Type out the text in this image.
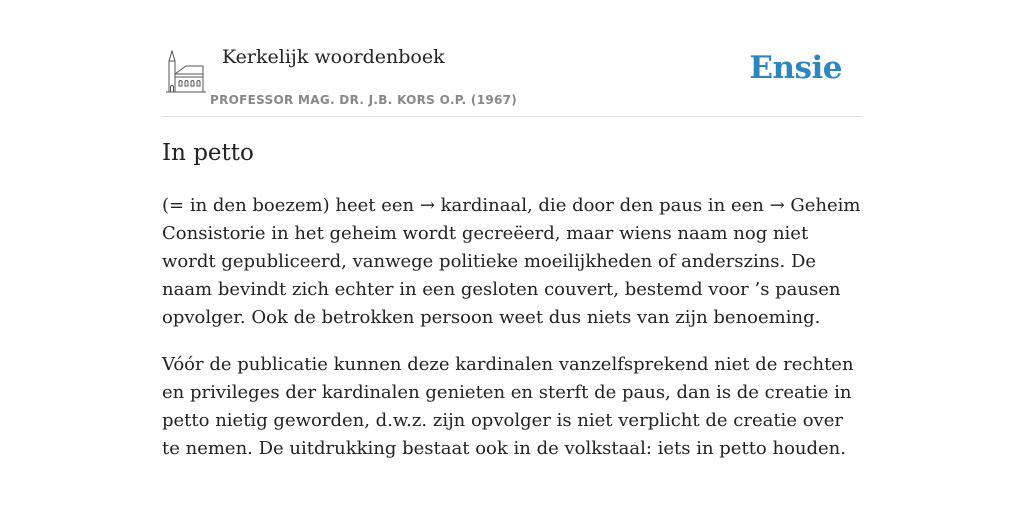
Kerkelijk woordenboek
PROFESSOR MAG. DR. J.B. KORS O.P. (1967)
Ensie
In petto

(= in den boezem) heet een → kardinaal, die door den paus in een → Geheim Consistorie in het geheim wordt gecreëerd, maar wiens naam nog niet wordt gepubliceerd, vanwege politieke moeilijkheden of anderszins. De naam bevindt zich echter in een gesloten couvert, bestemd voor ’s pausen opvolger. Ook de betrokken persoon weet dus niets van zijn benoeming.

Vóór de publicatie kunnen deze kardinalen vanzelfsprekend niet de rechten en privileges der kardinalen genieten en sterft de paus, dan is de creatie in petto nietig geworden, d.w.z. zijn opvolger is niet verplicht de creatie over te nemen. De uitdrukking bestaat ook in de volkstaal: iets in petto houden.
